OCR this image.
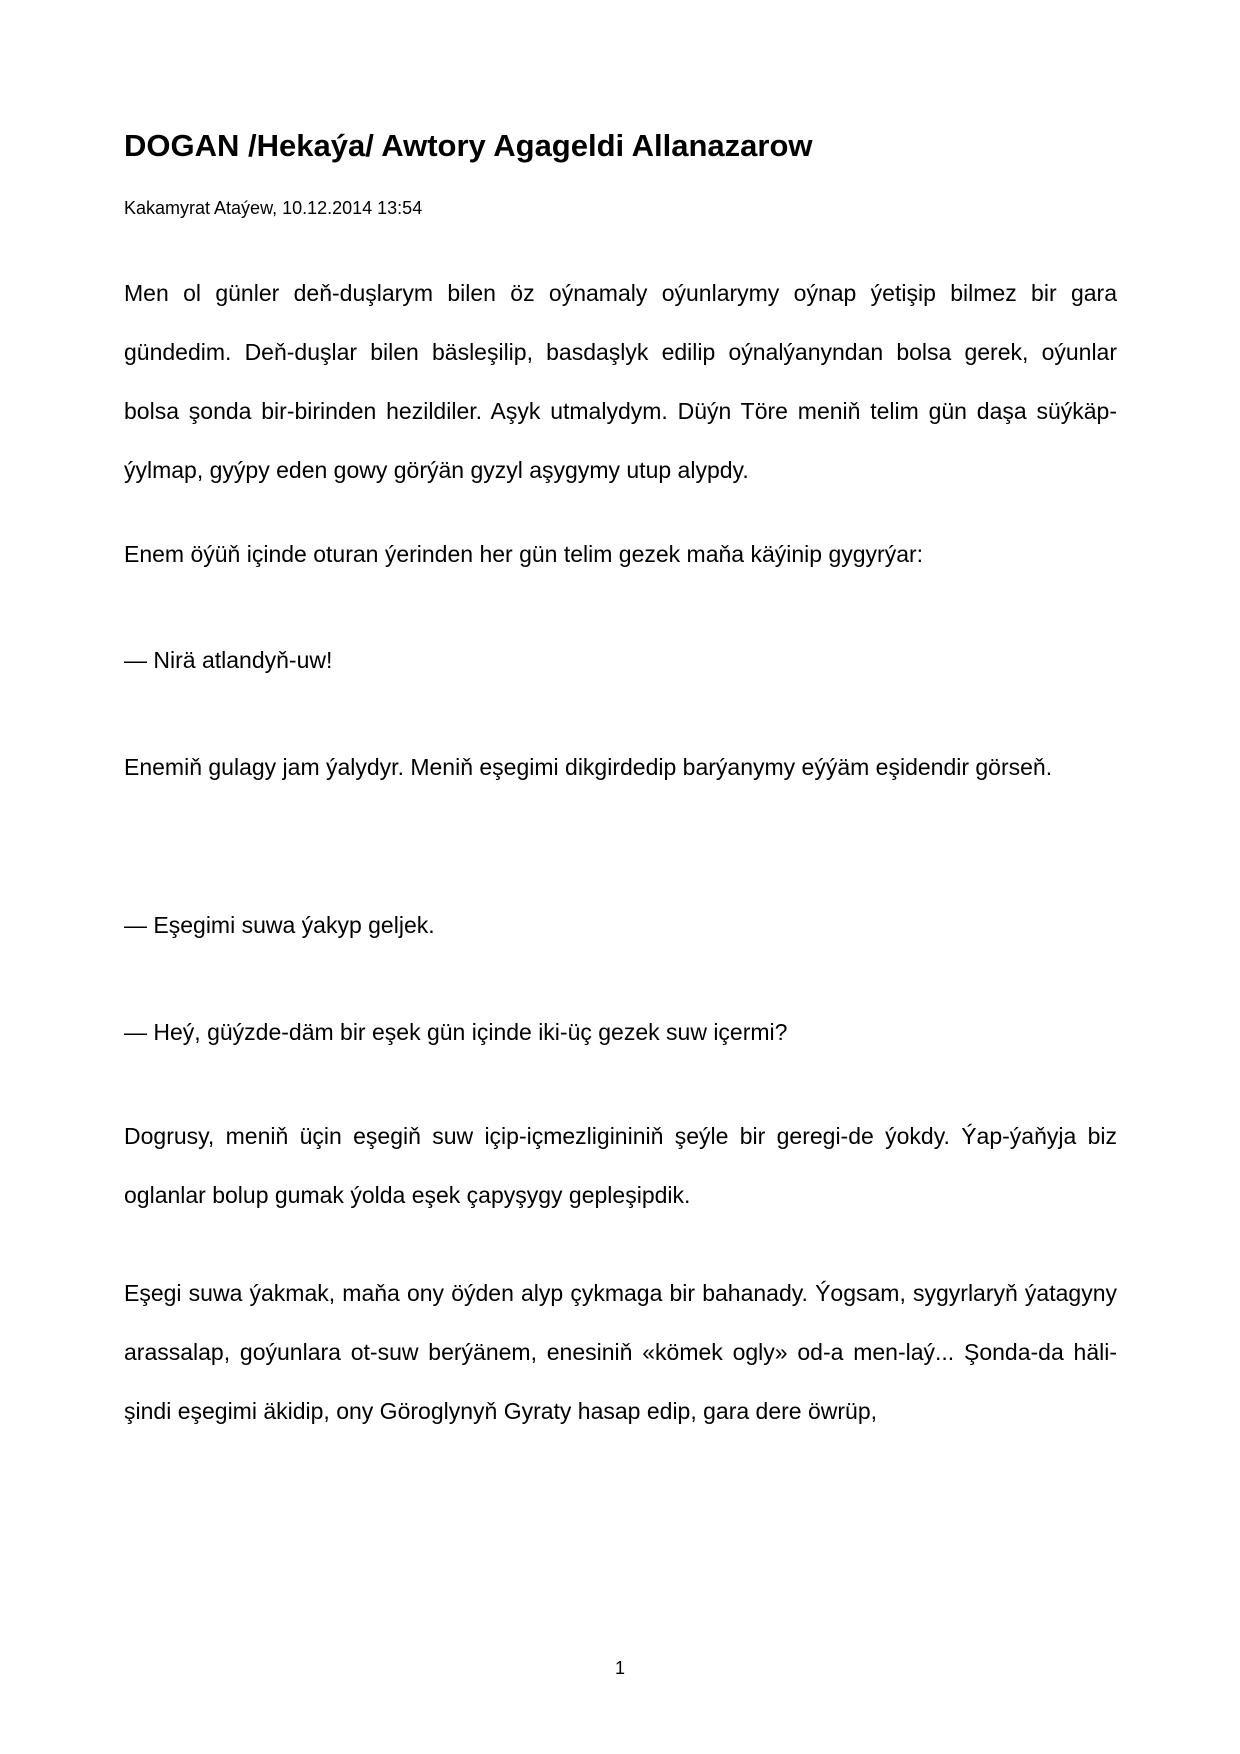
DOGAN /Hekaýa/ Awtory Agageldi Allanazarow
Kakamyrat Ataýew, 10.12.2014 13:54

Men ol günler deň-duşlarym bilen öz oýnamaly oýunlarymy oýnap ýetişip bilmez bir gara gündedim. Deň-duşlar bilen bäsleşilip, basdaşlyk edilip oýnalýanyndan bolsa gerek, oýunlar bolsa şonda bir-birinden hezildiler. Aşyk utmalydym. Düýn Töre meniň telim gün daşa süýkäp-ýylmap, gyýpy eden gowy görýän gyzyl aşygymy utup alypdy.

Enem öýüň içinde oturan ýerinden her gün telim gezek maňa käýinip gygyrýar:

— Nirä atlandyň-uw!

Enemiň gulagy jam ýalydyr. Meniň eşegimi dikgirdedip barýanymy eýýäm eşidendir görseň.

— Eşegimi suwa ýakyp geljek.

— Heý, güýzde-däm bir eşek gün içinde iki-üç gezek suw içermi?

Dogrusy, meniň üçin eşegiň suw içip-içmezligininiň şeýle bir geregi-de ýokdy. Ýap-ýaňyja biz oglanlar bolup gumak ýolda eşek çapyşygy gepleşipdik.

Eşegi suwa ýakmak, maňa ony öýden alyp çykmaga bir bahanady. Ýogsam, sygyrlaryň ýatagyny arassalap, goýunlara ot-suw berýänem, enesiniň «kömek ogly» od-a men-laý... Şonda-da häli-şindi eşegimi äkidip, ony Göroglynyň Gyraty hasap edip, gara dere öwrüp,

1
